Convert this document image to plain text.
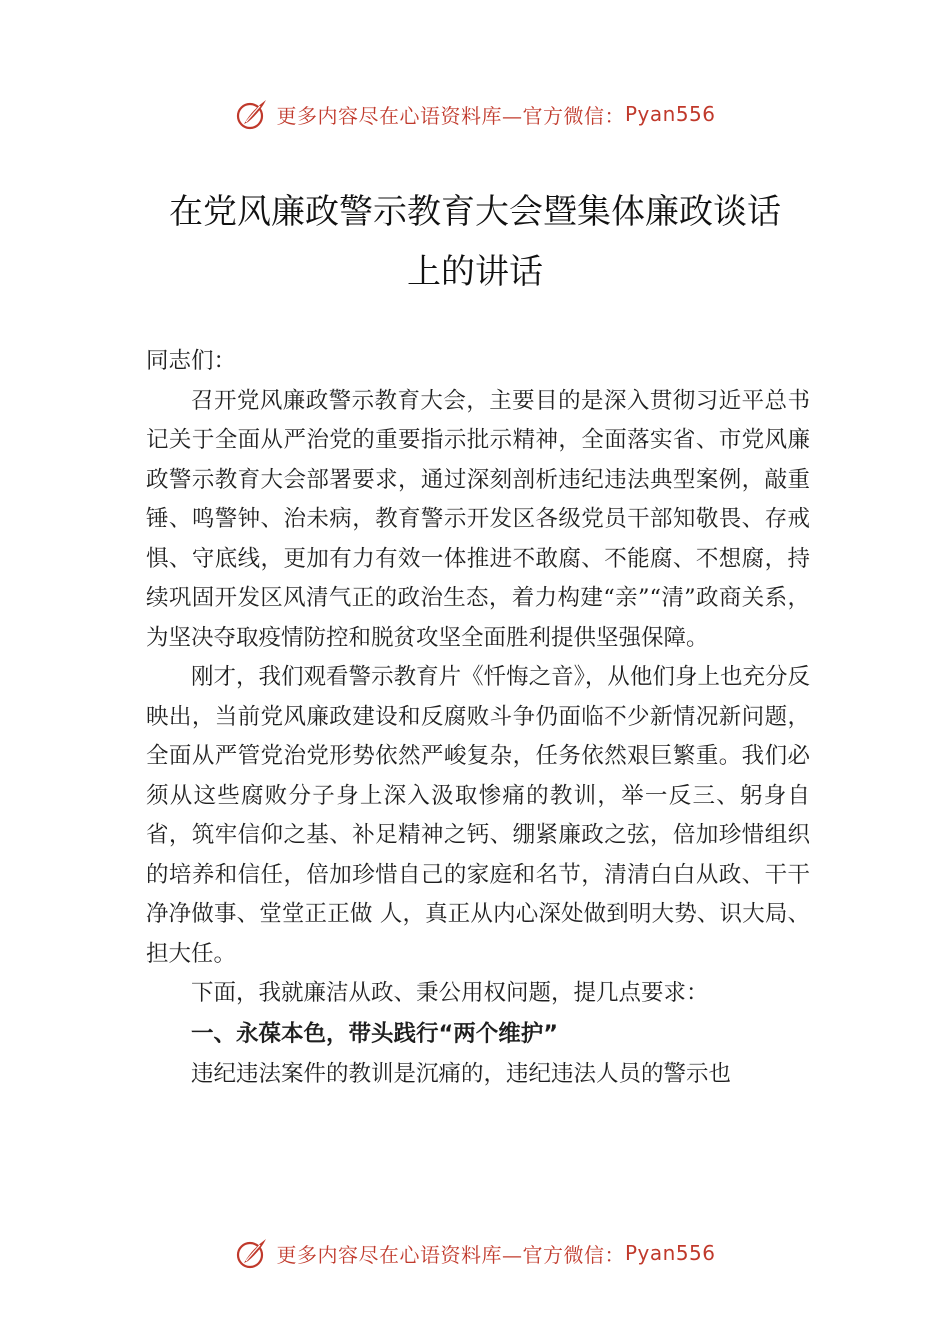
更多内容尽在心语资料库—官方微信： Pyan556
在党风廉政警示教育大会暨集体廉政谈话
上的讲话

同志们：

召开党风廉政警示教育大会，主要目的是深入贯彻习近平总书记关于全面从严治党的重要指示批示精神，全面落实省、市党风廉政警示教育大会部署要求，通过深刻剖析违纪违法典型案例，敲重锤、鸣警钟、治未病，教育警示开发区各级党员干部知敬畏、存戒惧、守底线，更加有力有效一体推进不敢腐、不能腐、不想腐，持续巩固开发区风清气正的政治生态，着力构建“亲”“清”政商关系，为坚决夺取疫情防控和脱贫攻坚全面胜利提供坚强保障。

刚才，我们观看警示教育片《忏悔之音》，从他们身上也充分反映出，当前党风廉政建设和反腐败斗争仍面临不少新情况新问题，全面从严管党治党形势依然严峻复杂，任务依然艰巨繁重。我们必须从这些腐败分子身上深入汲取惨痛的教训，举一反三、躬身自省，筑牢信仰之基、补足精神之钙、绷紧廉政之弦，倍加珍惜组织的培养和信任，倍加珍惜自己的家庭和名节，清清白白从政、干干净净做事、堂堂正正做 人，真正从内心深处做到明大势、识大局、担大任。

下面，我就廉洁从政、秉公用权问题，提几点要求：

一、永葆本色，带头践行“两个维护”

违纪违法案件的教训是沉痛的，违纪违法人员的警示也

更多内容尽在心语资料库—官方微信： Pyan556
